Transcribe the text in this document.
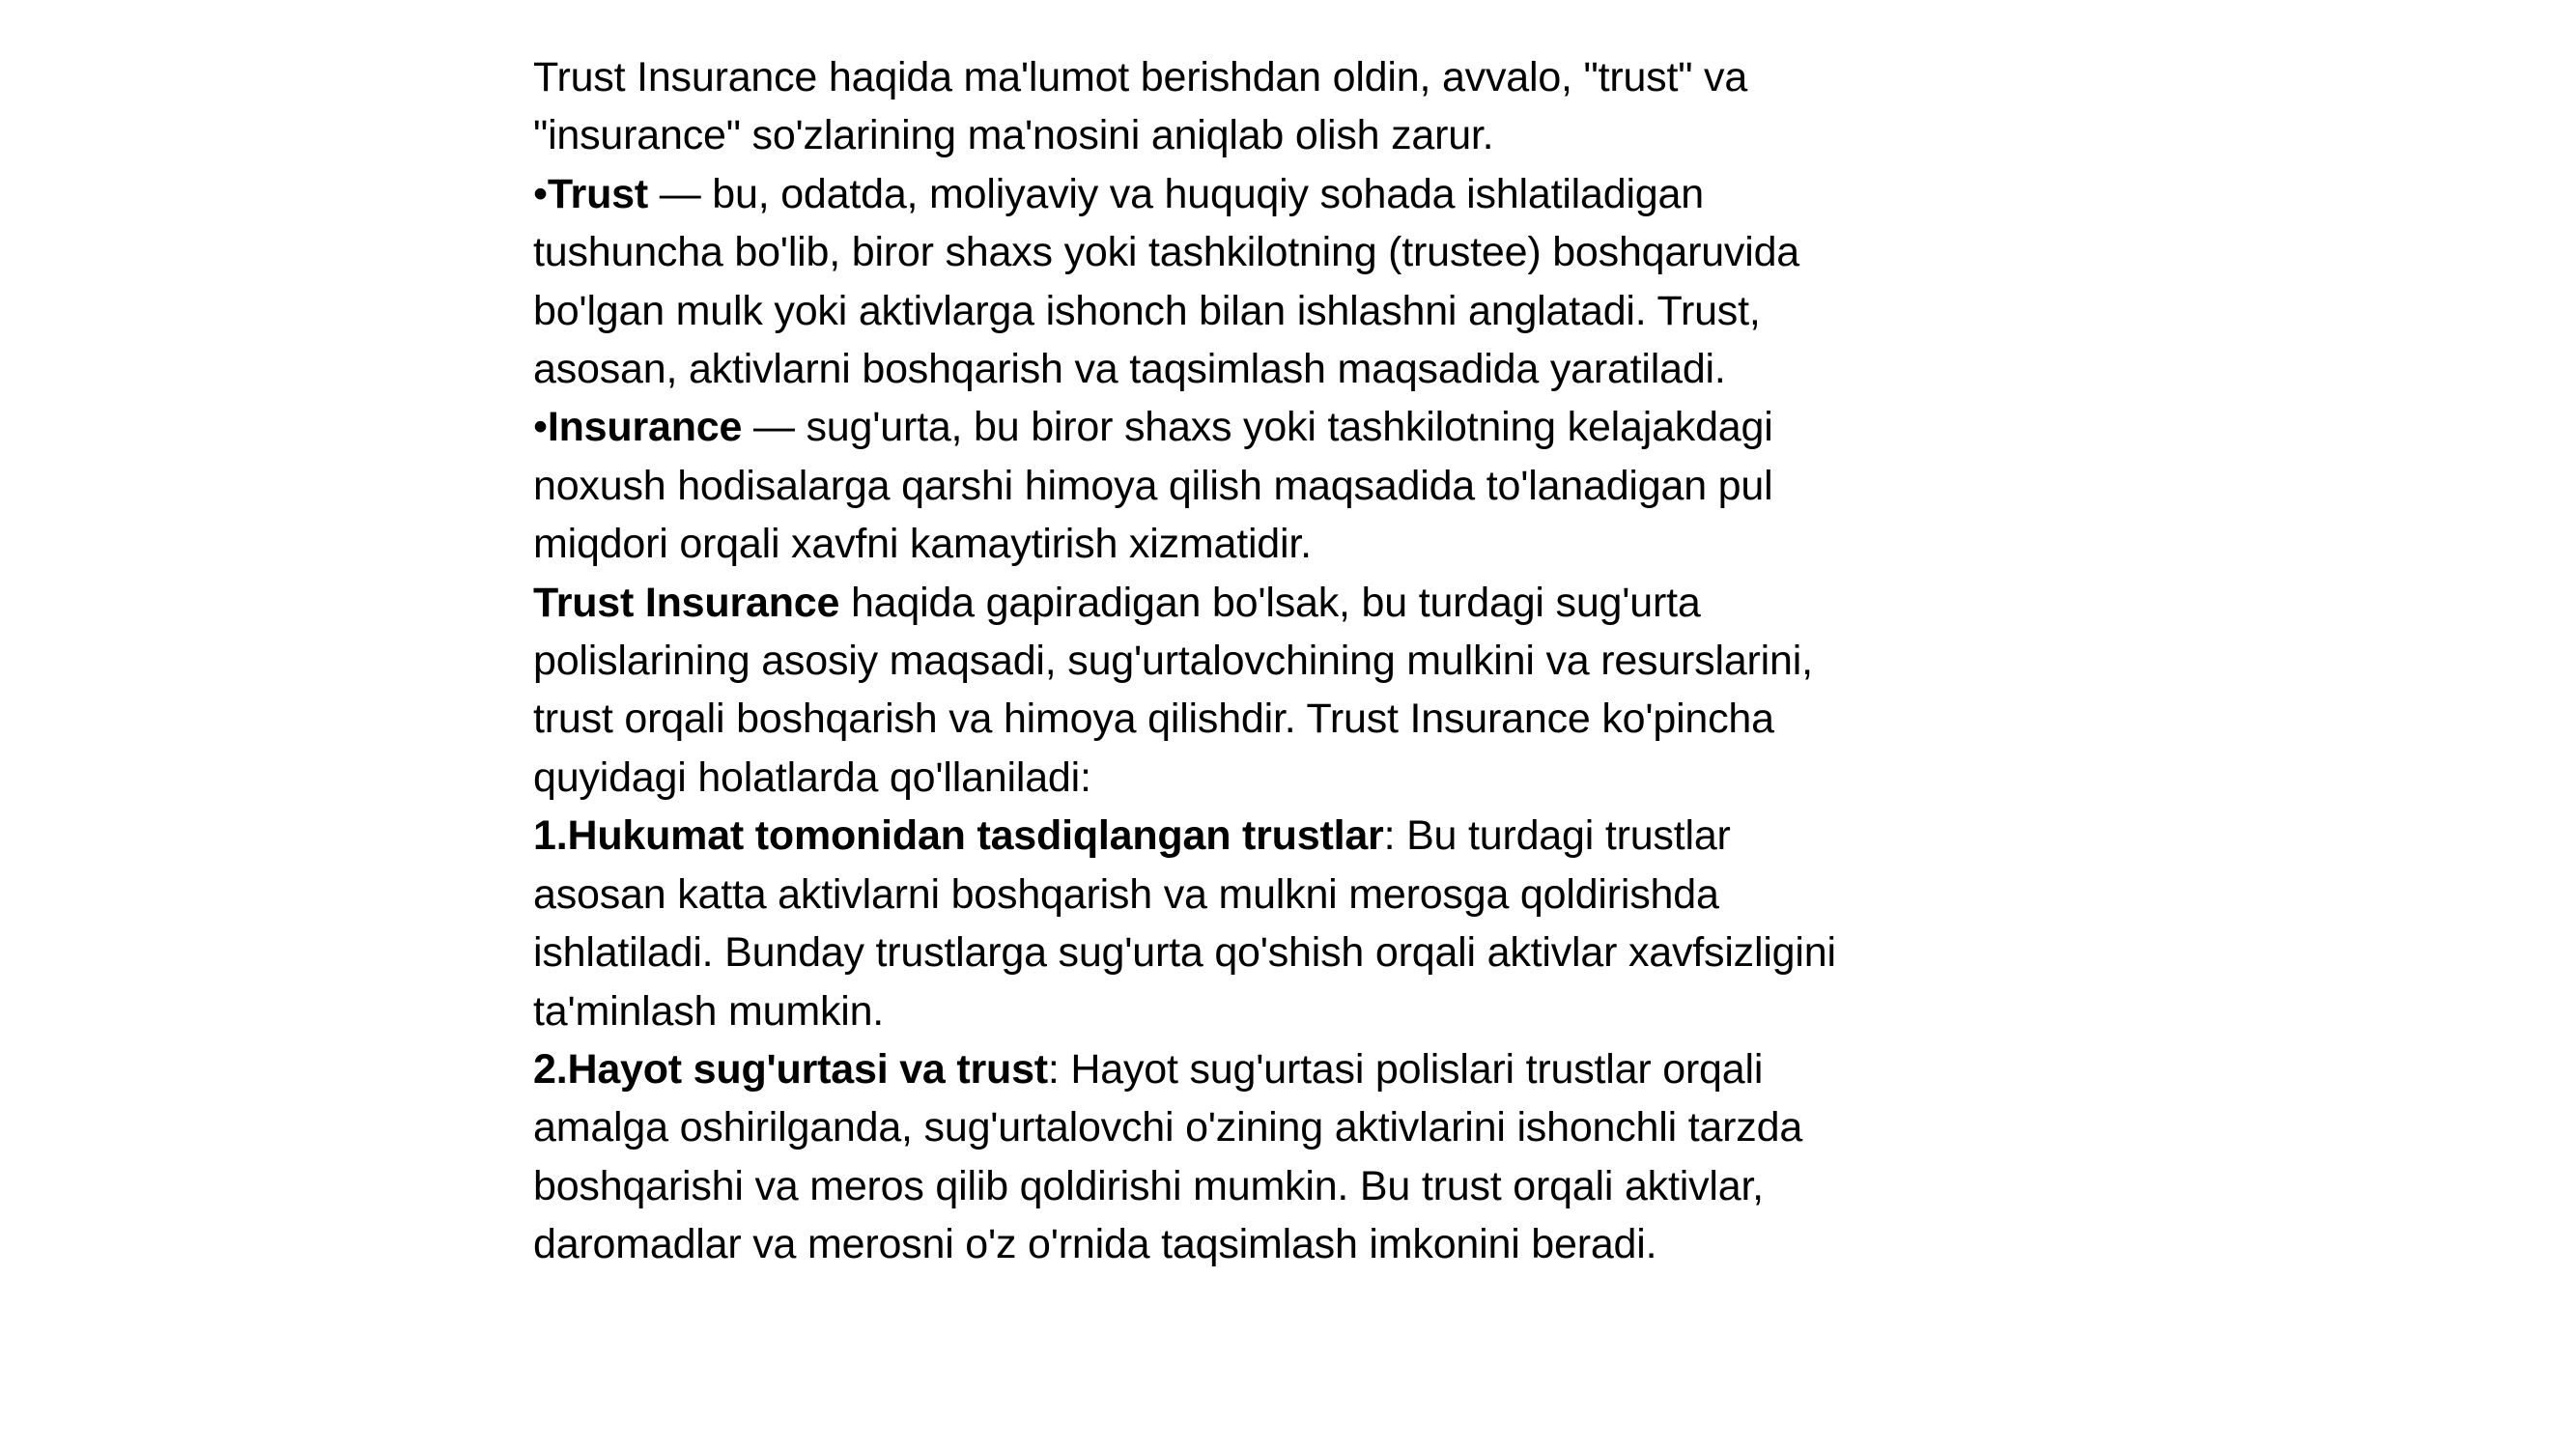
Trust Insurance haqida ma'lumot berishdan oldin, avvalo, "trust" va "insurance" so'zlarining ma'nosini aniqlab olish zarur.

•Trust — bu, odatda, moliyaviy va huquqiy sohada ishlatiladigan tushuncha bo'lib, biror shaxs yoki tashkilotning (trustee) boshqaruvida bo'lgan mulk yoki aktivlarga ishonch bilan ishlashni anglatadi. Trust, asosan, aktivlarni boshqarish va taqsimlash maqsadida yaratiladi.

•Insurance — sug'urta, bu biror shaxs yoki tashkilotning kelajakdagi noxush hodisalarga qarshi himoya qilish maqsadida to'lanadigan pul miqdori orqali xavfni kamaytirish xizmatidir.

Trust Insurance haqida gapiradigan bo'lsak, bu turdagi sug'urta polislarining asosiy maqsadi, sug'urtalovchining mulkini va resurslarini, trust orqali boshqarish va himoya qilishdir. Trust Insurance ko'pincha quyidagi holatlarda qo'llaniladi:

1.Hukumat tomonidan tasdiqlangan trustlar: Bu turdagi trustlar asosan katta aktivlarni boshqarish va mulkni merosga qoldirishda ishlatiladi. Bunday trustlarga sug'urta qo'shish orqali aktivlar xavfsizligini ta'minlash mumkin.

2.Hayot sug'urtasi va trust: Hayot sug'urtasi polislari trustlar orqali amalga oshirilganda, sug'urtalovchi o'zining aktivlarini ishonchli tarzda boshqarishi va meros qilib qoldirishi mumkin. Bu trust orqali aktivlar, daromadlar va merosni o'z o'rnida taqsimlash imkonini beradi.
